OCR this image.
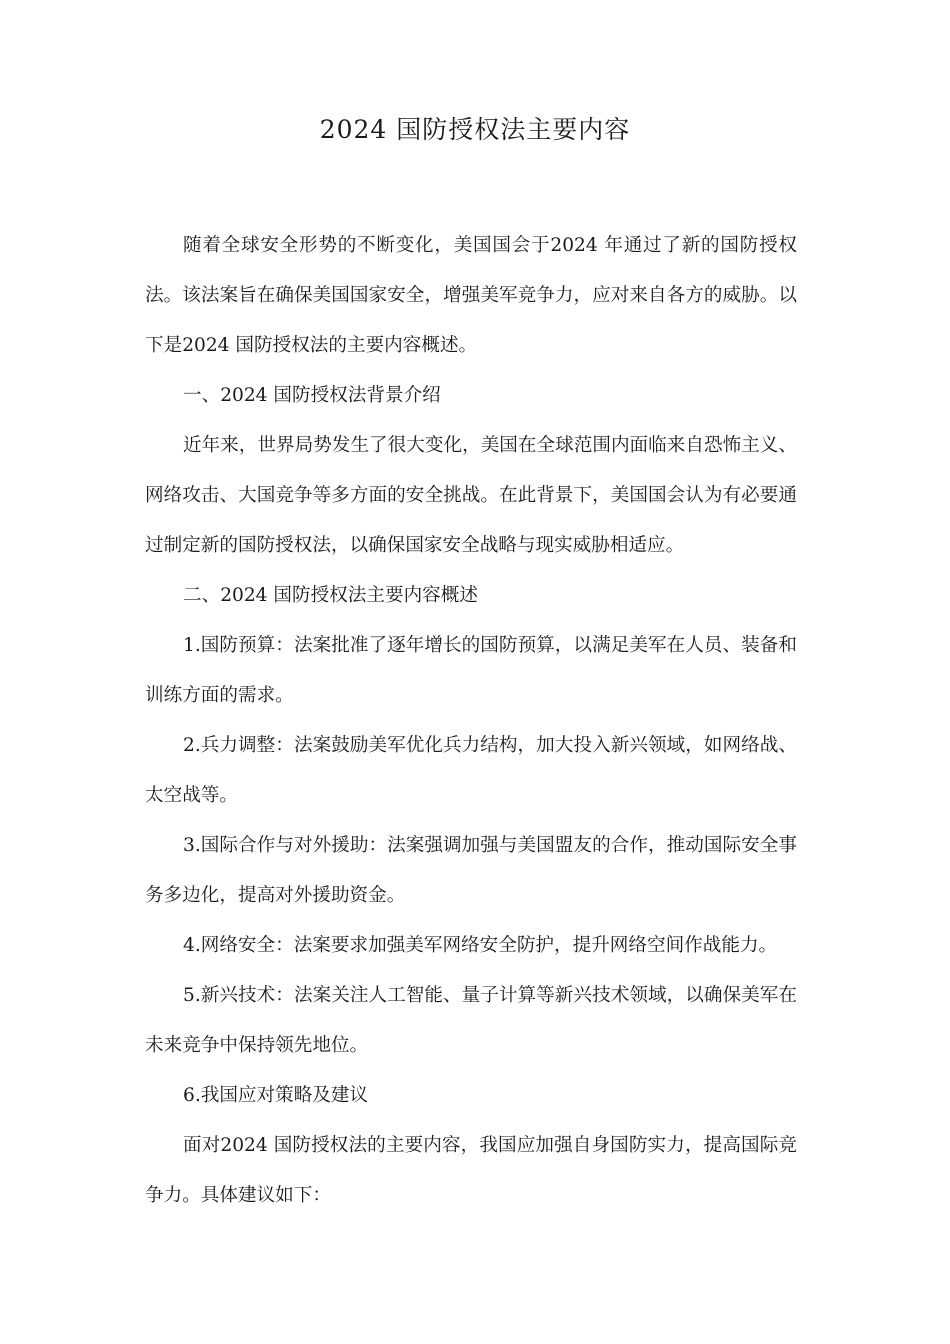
2024 国防授权法主要内容

随着全球安全形势的不断变化，美国国会于2024 年通过了新的国防授权法。该法案旨在确保美国国家安全，增强美军竞争力，应对来自各方的威胁。以下是2024 国防授权法的主要内容概述。

一、2024 国防授权法背景介绍

近年来，世界局势发生了很大变化，美国在全球范围内面临来自恐怖主义、网络攻击、大国竞争等多方面的安全挑战。在此背景下，美国国会认为有必要通过制定新的国防授权法，以确保国家安全战略与现实威胁相适应。

二、2024 国防授权法主要内容概述

1.国防预算：法案批准了逐年增长的国防预算，以满足美军在人员、装备和训练方面的需求。

2.兵力调整：法案鼓励美军优化兵力结构，加大投入新兴领域，如网络战、太空战等。

3.国际合作与对外援助：法案强调加强与美国盟友的合作，推动国际安全事务多边化，提高对外援助资金。

4.网络安全：法案要求加强美军网络安全防护，提升网络空间作战能力。

5.新兴技术：法案关注人工智能、量子计算等新兴技术领域，以确保美军在未来竞争中保持领先地位。

6.我国应对策略及建议

面对2024 国防授权法的主要内容，我国应加强自身国防实力，提高国际竞争力。具体建议如下：
